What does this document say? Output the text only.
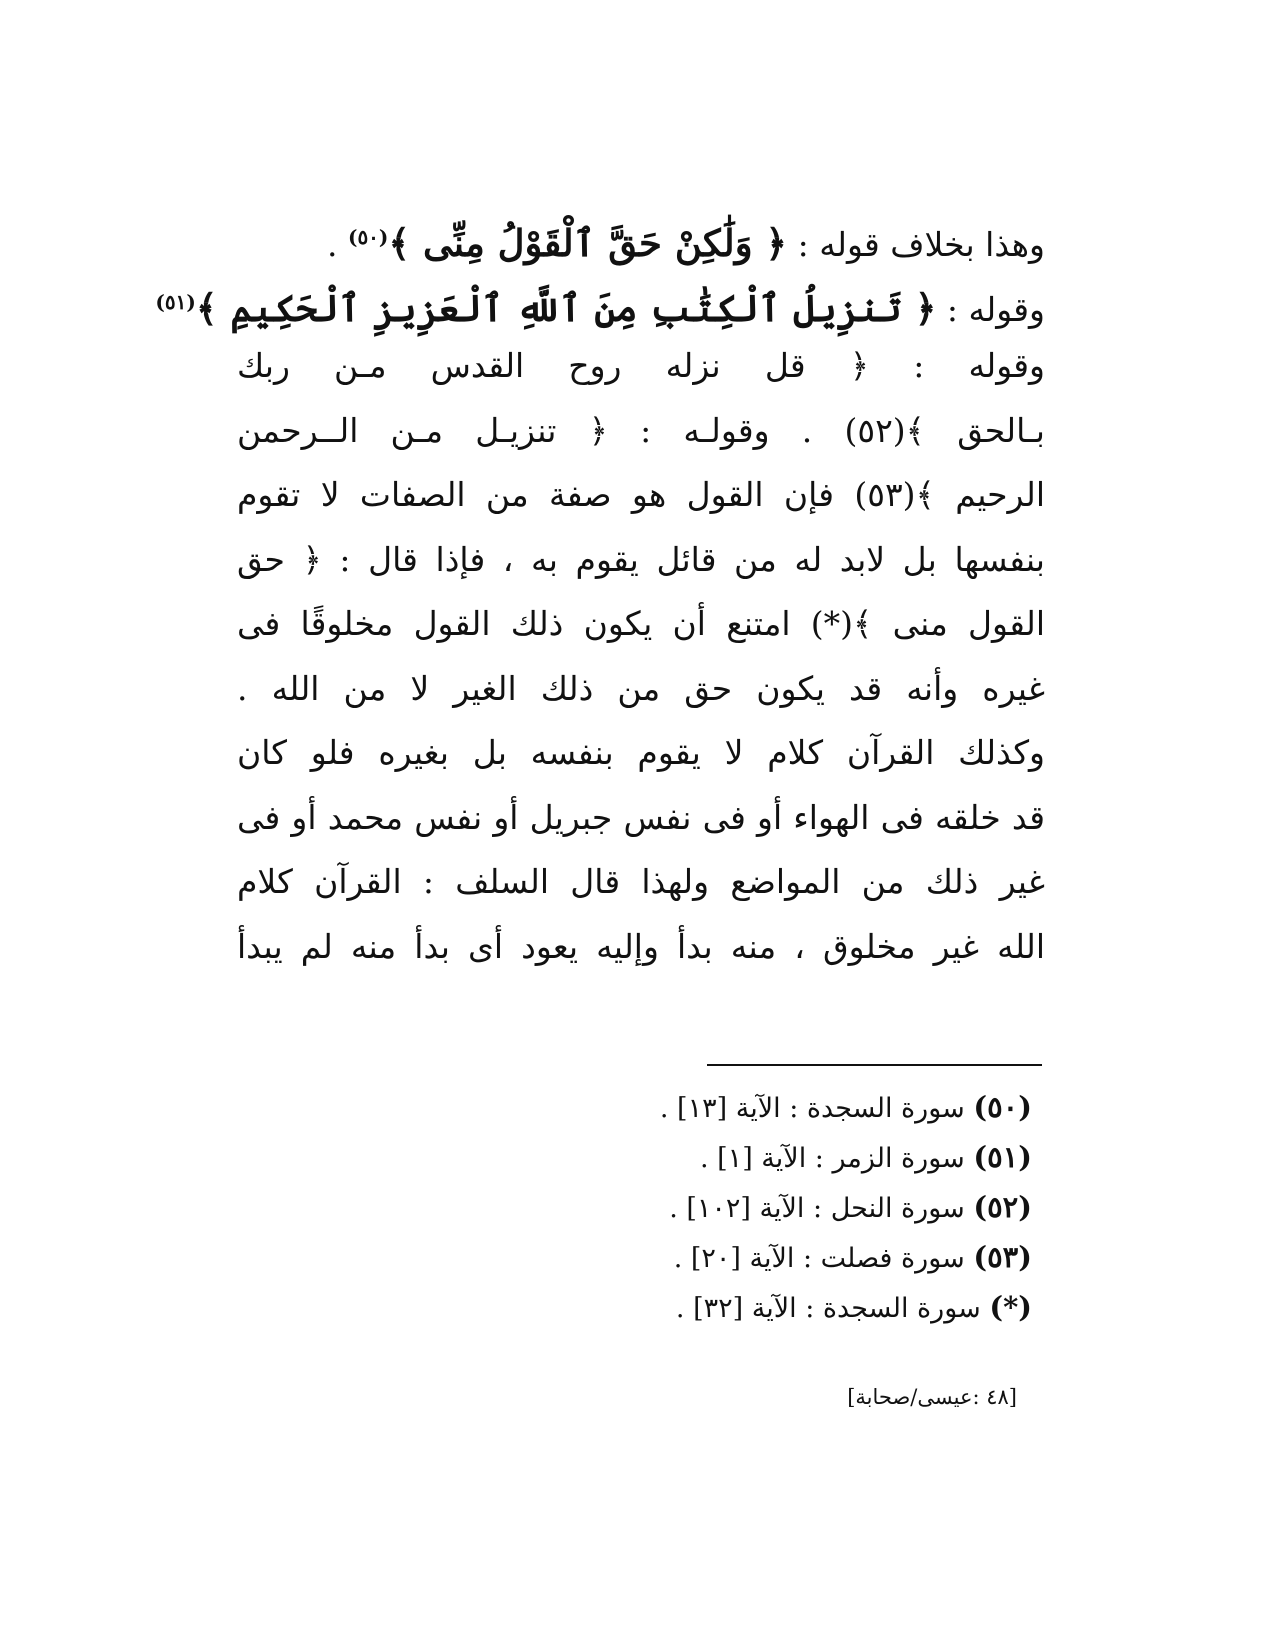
وهذا بخلاف قوله : ﴿ وَلَٰكِنْ حَقَّ ٱلْقَوْلُ مِنِّى ﴾$^{(٥٠)}$ .
وقوله : ﴿ تَنزِيلُ ٱلْكِتَٰبِ مِنَ ٱللَّهِ ٱلْعَزِيزِ ٱلْحَكِيمِ ﴾$^{(٥١)}$
وقوله : ﴿ قل نزله روح القدس مـن ربك
بـالحق ﴾(٥٢) . وقولـه : ﴿ تنزيـل مـن الــرحمن
الرحيم ﴾(٥٣) فإن القول هو صفة من الصفات لا تقوم
بنفسها بل لابد له من قائل يقوم به ، فإذا قال : ﴿ حق
القول منى ﴾(*) امتنع أن يكون ذلك القول مخلوقًا فى
غيره وأنه قد يكون حق من ذلك الغير لا من الله .
وكذلك القرآن كلام لا يقوم بنفسه بل بغيره فلو كان
قد خلقه فى الهواء أو فى نفس جبريل أو نفس محمد أو فى
غير ذلك من المواضع ولهذا قال السلف : القرآن كلام
الله غير مخلوق ، منه بدأ وإليه يعود أى بدأ منه لم يبدأ
(٥٠) سورة السجدة : الآية [١٣] .
(٥١) سورة الزمر : الآية [١] .
(٥٢) سورة النحل : الآية [١٠٢] .
(٥٣) سورة فصلت : الآية [٢٠] .
(*) سورة السجدة : الآية [٣٢] .
[٤٨ :عيسى/صحابة]
